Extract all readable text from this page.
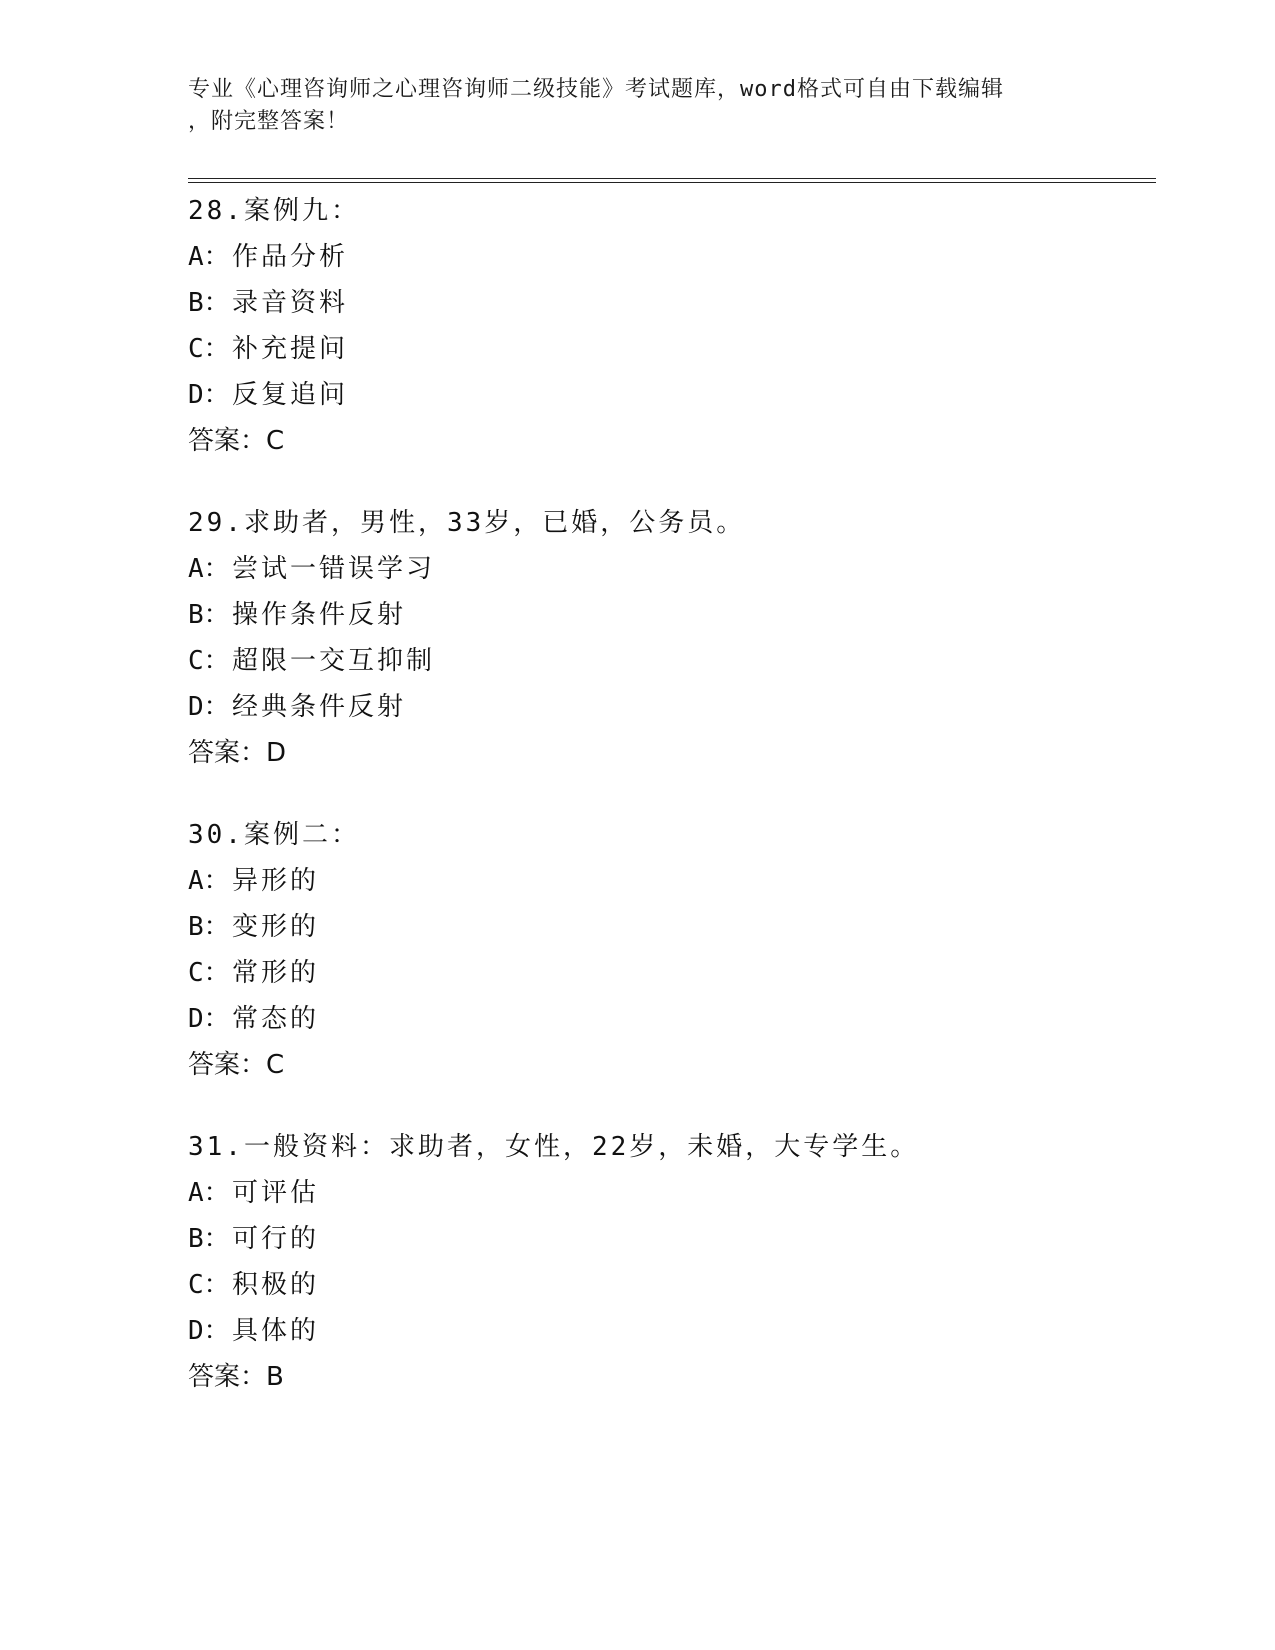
专业《心理咨询师之心理咨询师二级技能》考试题库，word格式可自由下载编辑
，附完整答案！
28.案例九：
A：作品分析
B：录音资料
C：补充提问
D：反复追问
答案：C
29.求助者，男性，33岁，已婚，公务员。
A：尝试一错误学习
B：操作条件反射
C：超限一交互抑制
D：经典条件反射
答案：D
30.案例二：
A：异形的
B：变形的
C：常形的
D：常态的
答案：C
31.一般资料：求助者，女性，22岁，未婚，大专学生。
A：可评估
B：可行的
C：积极的
D：具体的
答案：B
